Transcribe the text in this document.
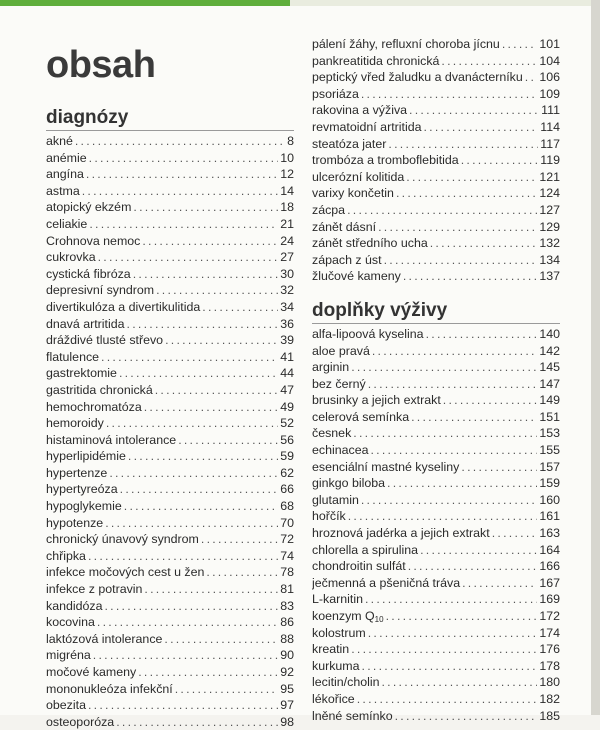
obsah
diagnózy
akné . . .	8
anémie . . .	10
angína . . .	12
astma . . .	14
atopický ekzém . . .	18
celiakie . . .	21
Crohnova nemoc . . .	24
cukrovka . . .	27
cystická fibróza . . .	30
depresivní syndrom . . .	32
divertikulóza a divertikulitida . . .	34
dnavá artritida . . .	36
dráždivé tlusté střevo . . .	39
flatulence . . .	41
gastrektomie . . .	44
gastritida chronická . . .	47
hemochromatóza . . .	49
hemoroidy . . .	52
histaminová intolerance . . .	56
hyperlipidémie . . .	59
hypertenze . . .	62
hypertyreóza . . .	66
hypoglykemie . . .	68
hypotenze . . .	70
chronický únavový syndrom . . .	72
chřipka . . .	74
infekce močových cest u žen . . .	78
infekce z potravin . . .	81
kandidóza . . .	83
kocovina . . .	86
laktózová intolerance . . .	88
migréna . . .	90
močové kameny . . .	92
mononukleóza infekční . . .	95
obezita . . .	97
osteoporóza . . .	98
pálení žáhy, refluxní choroba jícnu . . .	101
pankreatitida chronická . . .	104
peptický vřed žaludku a dvanácterníku . . . 106
psoriáza . . .	109
rakovina a výživa . . .	111
revmatoidní artritida . . .	114
steatóza jater . . .	117
trombóza a tromboflebitida . . .	119
ulcerózní kolitida . . .	121
varixy končetin . . .	124
zácpa . . .	127
zánět dásní . . .	129
zánět středního ucha . . .	132
zápach z úst . . .	134
žlučové kameny . . .	137
doplňky výživy
alfa-lipoová kyselina . . .	140
aloe pravá . . .	142
arginin . . .	145
bez černý . . .	147
brusinky a jejich extrakt . . .	149
celerová semínka . . .	151
česnek . . .	153
echinacea . . .	155
esenciální mastné kyseliny . . .	157
ginkgo biloba . . .	159
glutamin . . .	160
hořčík . . .	161
hroznová jadérka a jejich extrakt . . .	163
chlorella a spirulina . . .	164
chondroitin sulfát . . .	166
ječmenná a pšeničná tráva . . .	167
L-karnitin . . .	169
koenzym $Q_{10}$ . . .	172
kolostrum . . .	174
kreatin . . .	176
kurkuma . . .	178
lecitin/cholin . . .	180
lékořice . . .	182
lněné semínko . . .	185
